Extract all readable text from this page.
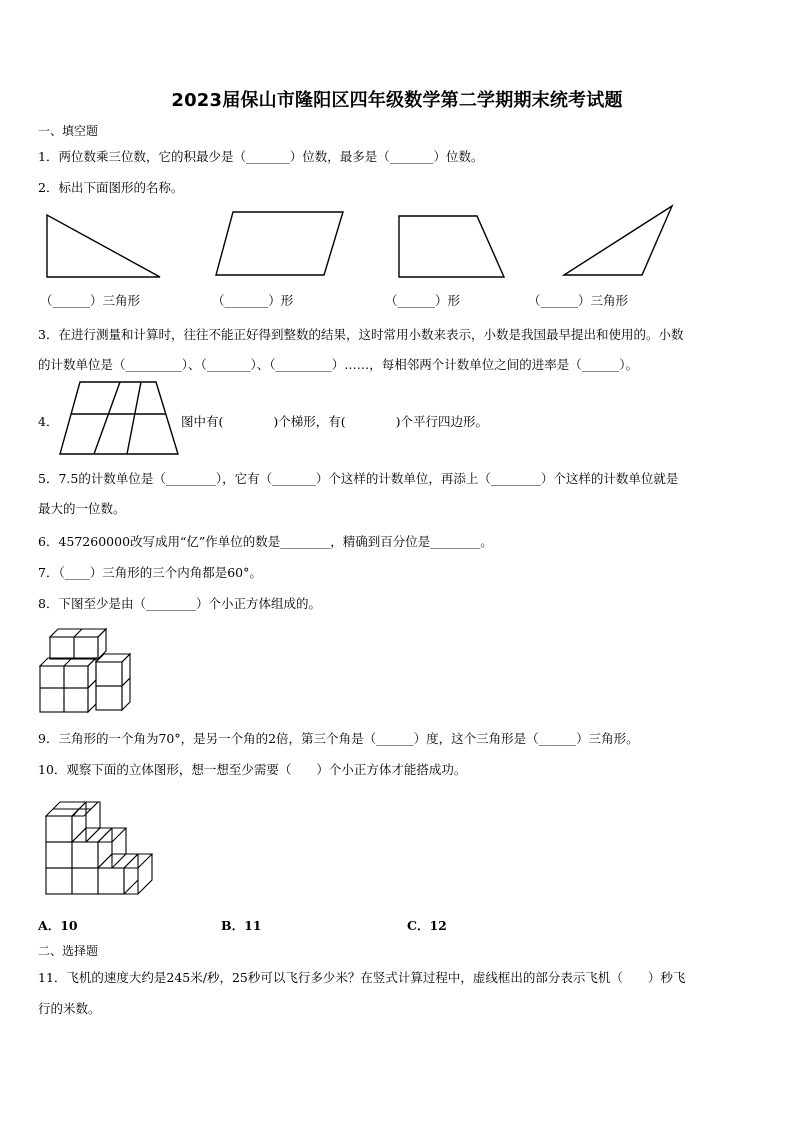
2023届保山市隆阳区四年级数学第二学期期末统考试题
一、填空题
1．两位数乘三位数，它的积最少是（_______）位数，最多是（_______）位数。
2．标出下面图形的名称。
（______）三角形	（_______）形	（______）形	（______）三角形
3．在进行测量和计算时，往往不能正好得到整数的结果，这时常用小数来表示，小数是我国最早提出和使用的。小数
的计数单位是（_________）、（_______）、（_________）……，每相邻两个计数单位之间的进率是（______）。
4．	图中有(　　　　)个梯形，有(　　　　)个平行四边形。
5．7.5的计数单位是（________），它有（_______）个这样的计数单位，再添上（________）个这样的计数单位就是
最大的一位数。
6．457260000改写成用“亿”作单位的数是________，精确到百分位是________。
7．（____）三角形的三个内角都是60°。
8．下图至少是由（________）个小正方体组成的。
9．三角形的一个角为70°，是另一个角的2倍，第三个角是（______）度，这个三角形是（______）三角形。
10．观察下面的立体图形，想一想至少需要（　　）个小正方体才能搭成功。
A．10	B．11	C．12
二、选择题
11．飞机的速度大约是245米/秒，25秒可以飞行多少米？在竖式计算过程中，虚线框出的部分表示飞机（　　）秒飞
行的米数。
